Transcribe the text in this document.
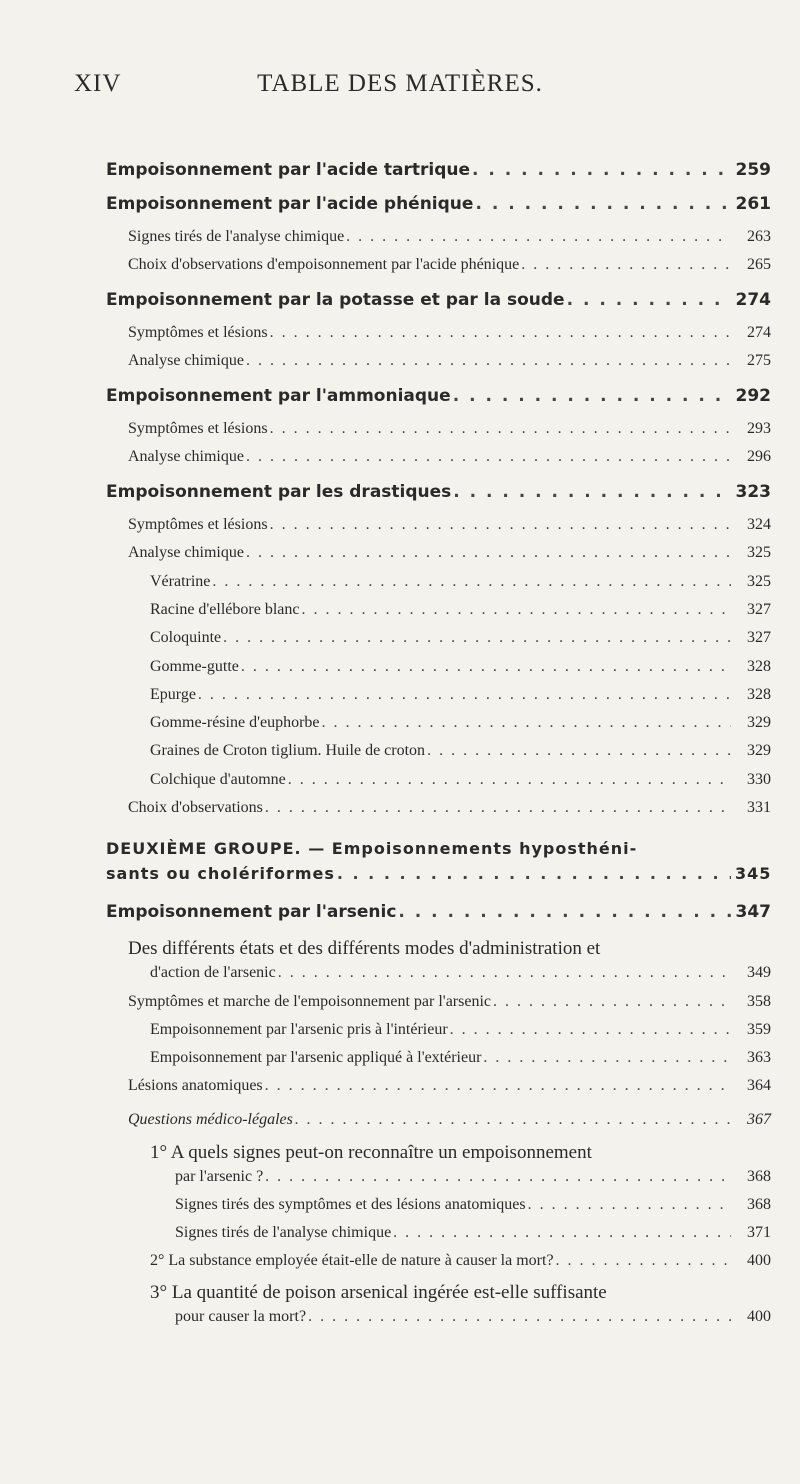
XIV	TABLE DES MATIÈRES.
Empoisonnement par l'acide tartrique . . .	259
Empoisonnement par l'acide phénique . . .	261
Signes tirés de l'analyse chimique . . .	263
Choix d'observations d'empoisonnement par l'acide phénique . . .	265
Empoisonnement par la potasse et par la soude . . .	274
Symptômes et lésions . . .	274
Analyse chimique . . .	275
Empoisonnement par l'ammoniaque . . .	292
Symptômes et lésions . . .	293
Analyse chimique . . .	296
Empoisonnement par les drastiques . . .	323
Symptômes et lésions . . .	324
Analyse chimique . . .	325
Vératrine . . .	325
Racine d'ellébore blanc . . .	327
Coloquinte . . .	327
Gomme-gutte . . .	328
Epurge . . .	328
Gomme-résine d'euphorbe . . .	329
Graines de Croton tiglium. Huile de croton . . .	329
Colchique d'automne . . .	330
Choix d'observations . . .	331
DEUXIÈME GROUPE. — Empoisonnements hyposthéni-
sants ou cholériformes . . .	345
Empoisonnement par l'arsenic . . .	347
Des différents états et des différents modes d'administration et
d'action de l'arsenic . . .	349
Symptômes et marche de l'empoisonnement par l'arsenic . . .	358
Empoisonnement par l'arsenic pris à l'intérieur . . .	359
Empoisonnement par l'arsenic appliqué à l'extérieur . . .	363
Lésions anatomiques . . .	364
Questions médico-légales . . .	367
1° A quels signes peut-on reconnaître un empoisonnement
par l'arsenic ? . . .	368
Signes tirés des symptômes et des lésions anatomiques . . .	368
Signes tirés de l'analyse chimique . . .	371
2° La substance employée était-elle de nature à causer la mort? . . .	400
3° La quantité de poison arsenical ingérée est-elle suffisante
pour causer la mort? . . .	400
